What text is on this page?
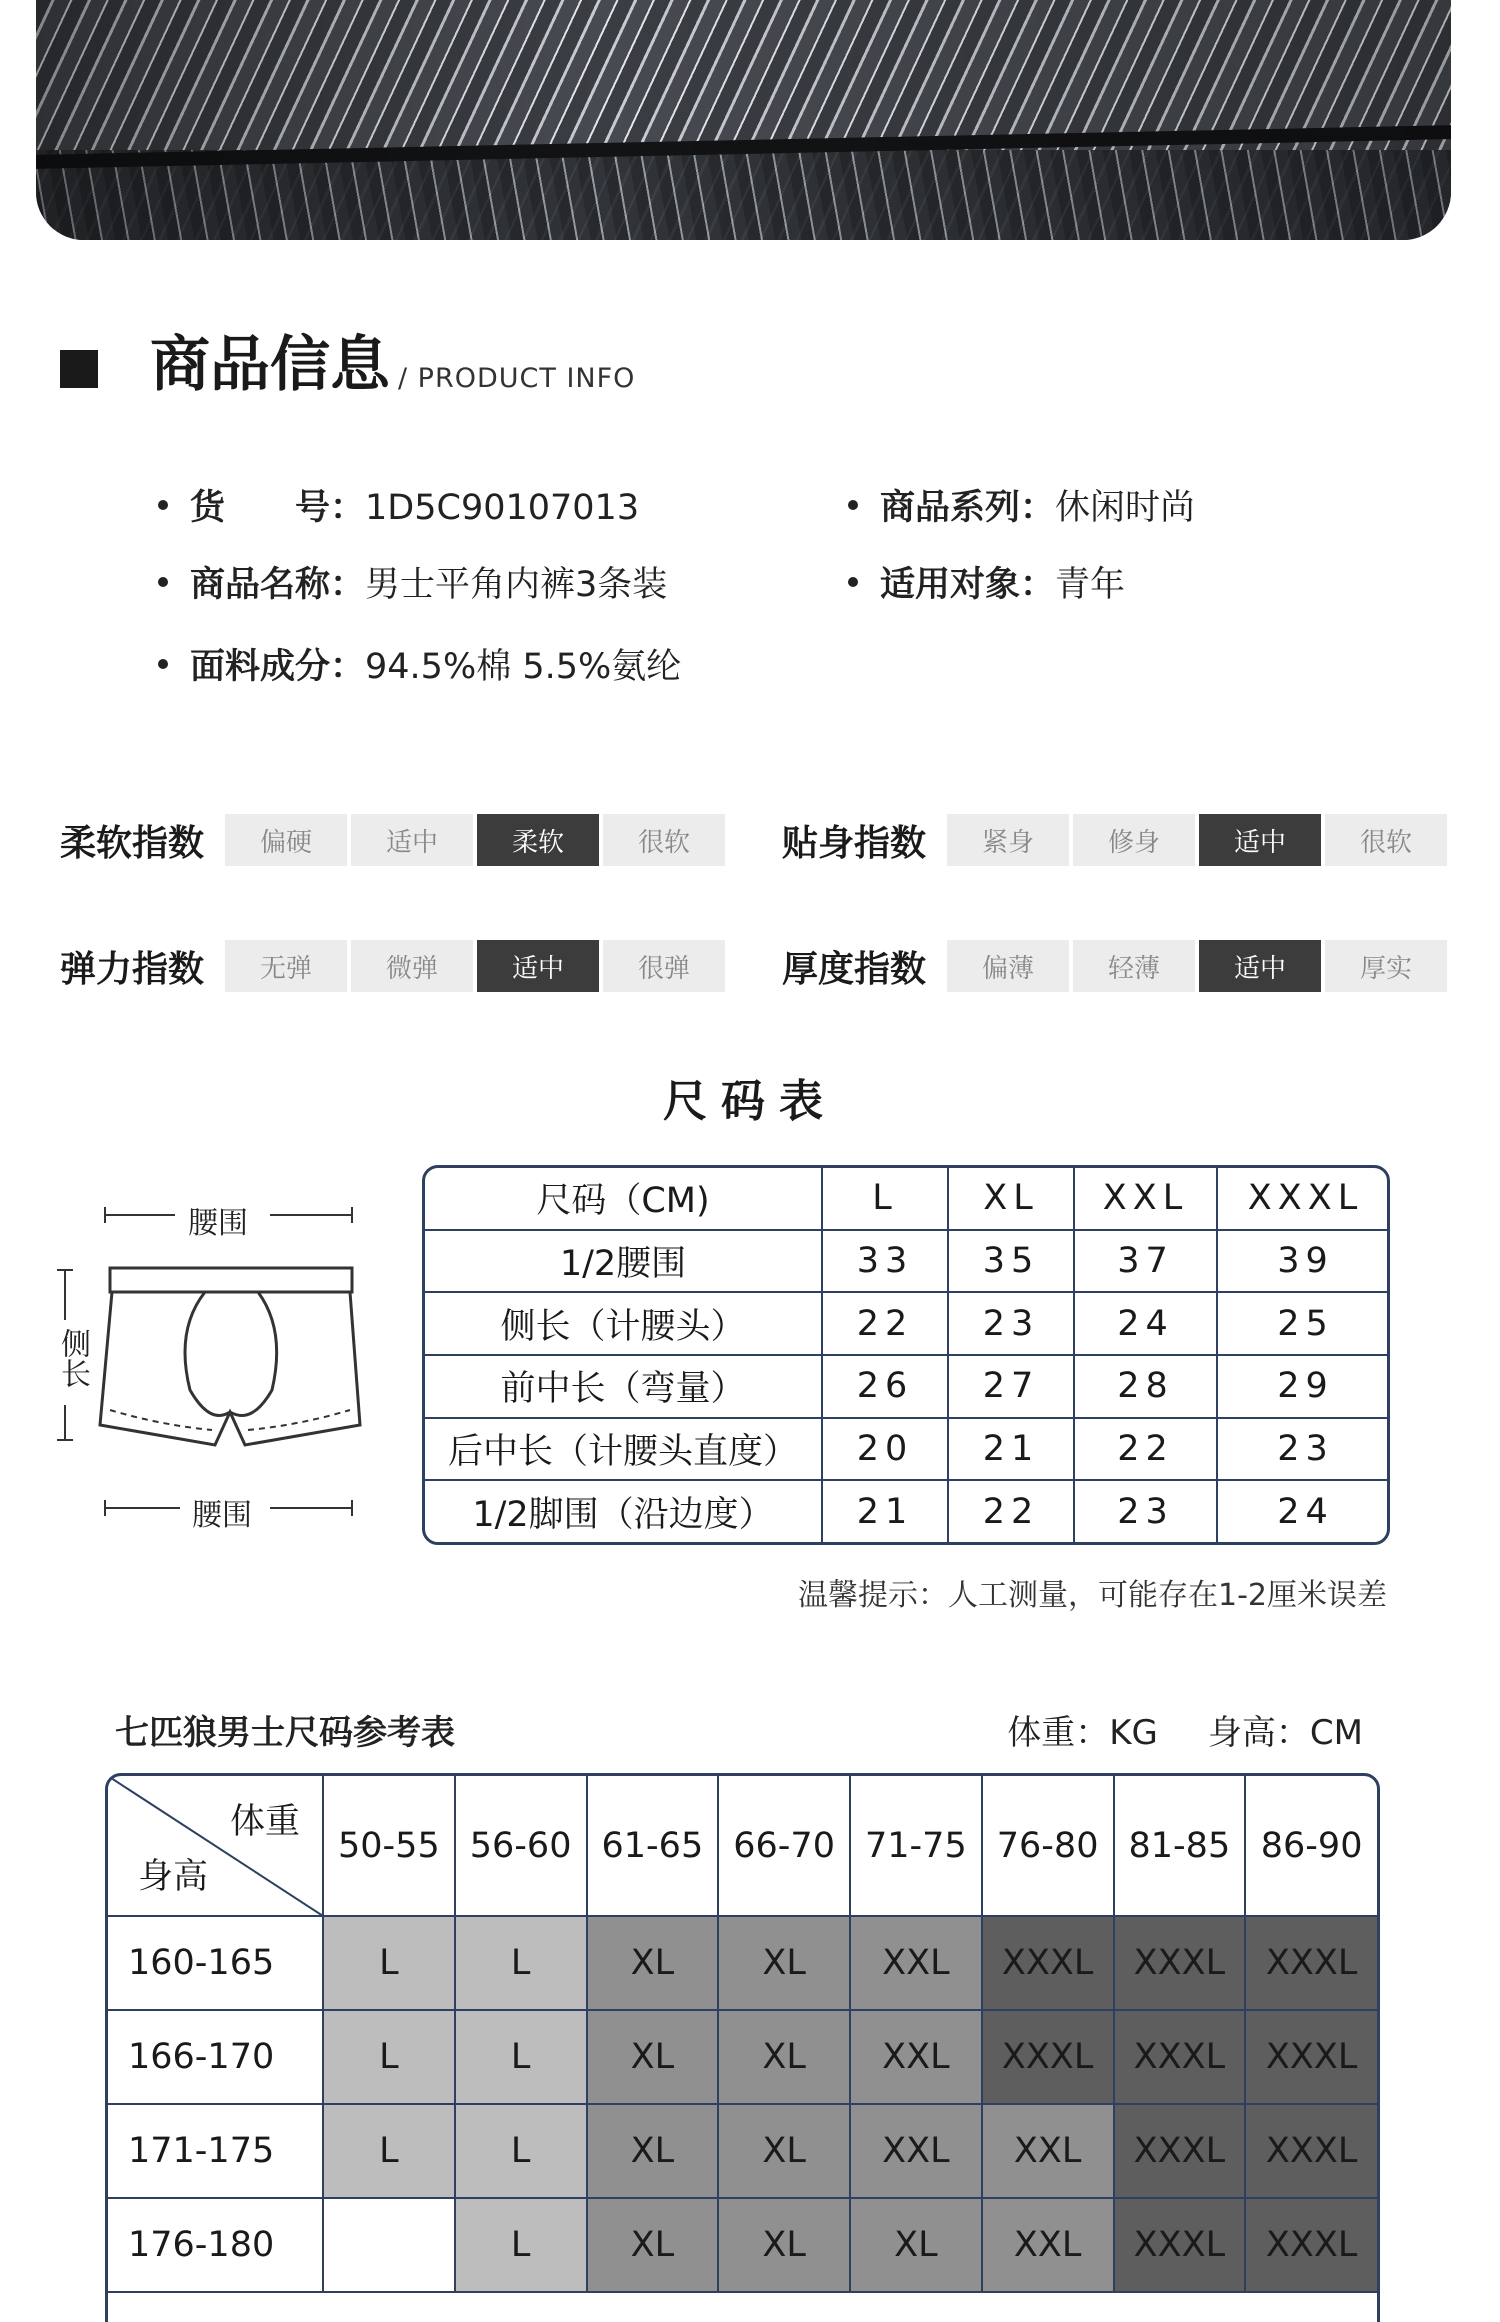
商品信息 / PRODUCT INFO
货　　号：1D5C90107013	商品系列：休闲时尚
商品名称：男士平角内裤3条装	适用对象：青年
面料成分：94.5%棉 5.5%氨纶
柔软指数	偏硬	适中	柔软	很软	贴身指数	紧身	修身	适中	很软
弹力指数	无弹	微弹	适中	很弹	厚度指数	偏薄	轻薄	适中	厚实
尺码表
腰围
侧长
腰围
尺码（CM)	L	XL	XXL	XXXL
1/2腰围	33	35	37	39
侧长（计腰头）	22	23	24	25
前中长（弯量）	26	27	28	29
后中长（计腰头直度）	20	21	22	23
1/2脚围（沿边度）	21	22	23	24
温馨提示：人工测量，可能存在1-2厘米误差
七匹狼男士尺码参考表	体重：KG 身高：CM
体重
身高	50-55	56-60	61-65	66-70	71-75	76-80	81-85	86-90
160-165	L	L	XL	XL	XXL	XXXL	XXXL	XXXL
166-170	L	L	XL	XL	XXL	XXXL	XXXL	XXXL
171-175	L	L	XL	XL	XXL	XXL	XXXL	XXXL
176-180		L	XL	XL	XL	XXL	XXXL	XXXL
